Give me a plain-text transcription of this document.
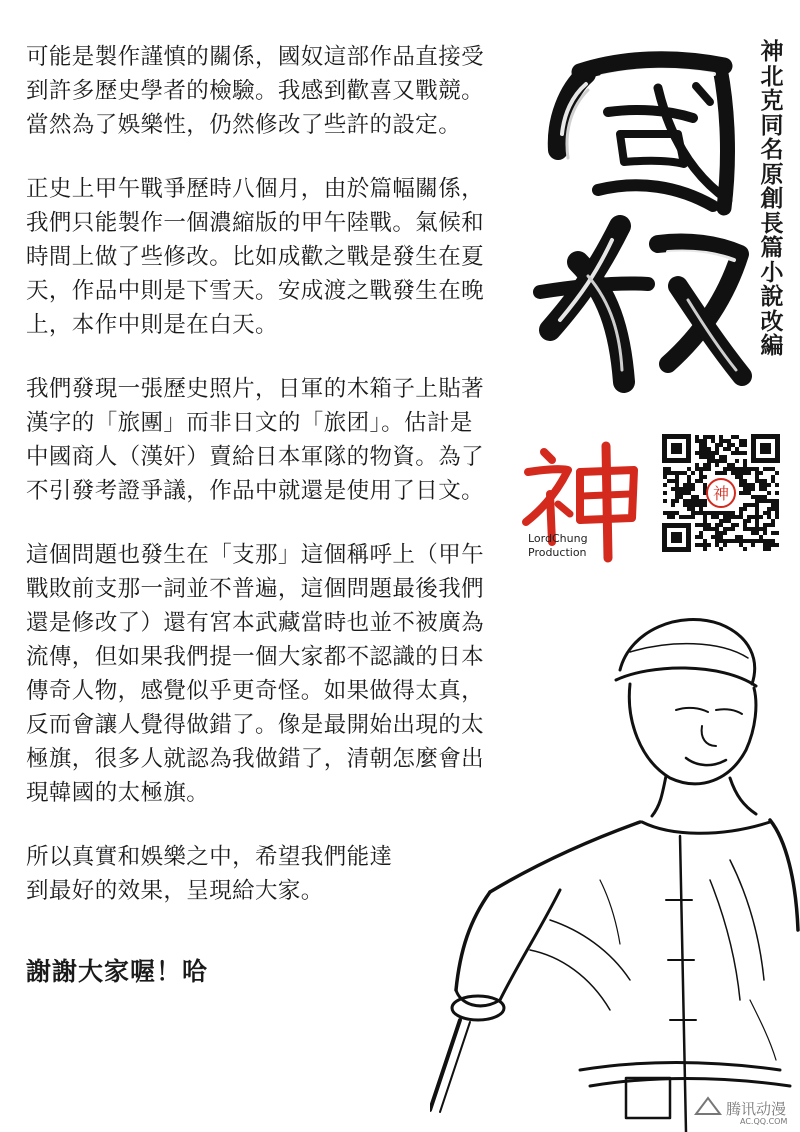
可能是製作謹慎的關係，國奴這部作品直接受
到許多歷史學者的檢驗。我感到歡喜又戰競。
當然為了娛樂性，仍然修改了些許的設定。

正史上甲午戰爭歷時八個月，由於篇幅關係，
我們只能製作一個濃縮版的甲午陸戰。氣候和
時間上做了些修改。比如成歡之戰是發生在夏
天，作品中則是下雪天。安成渡之戰發生在晚
上，本作中則是在白天。

我們發現一張歷史照片，日軍的木箱子上貼著
漢字的「旅團」而非日文的「旅团」。估計是
中國商人（漢奸）賣給日本軍隊的物資。為了
不引發考證爭議，作品中就還是使用了日文。

這個問題也發生在「支那」這個稱呼上（甲午
戰敗前支那一詞並不普遍，這個問題最後我們
還是修改了）還有宮本武藏當時也並不被廣為
流傳，但如果我們提一個大家都不認識的日本
傳奇人物，感覺似乎更奇怪。如果做得太真，
反而會讓人覺得做錯了。像是最開始出現的太
極旗，很多人就認為我做錯了，清朝怎麼會出
現韓國的太極旗。

所以真實和娛樂之中，希望我們能達
到最好的效果，呈現給大家。

謝謝大家喔！哈
神
北
克
同
名
原
創
長
篇
小
說
改
編
LordChung
Production
神
腾讯动漫
AC.QQ.COM
